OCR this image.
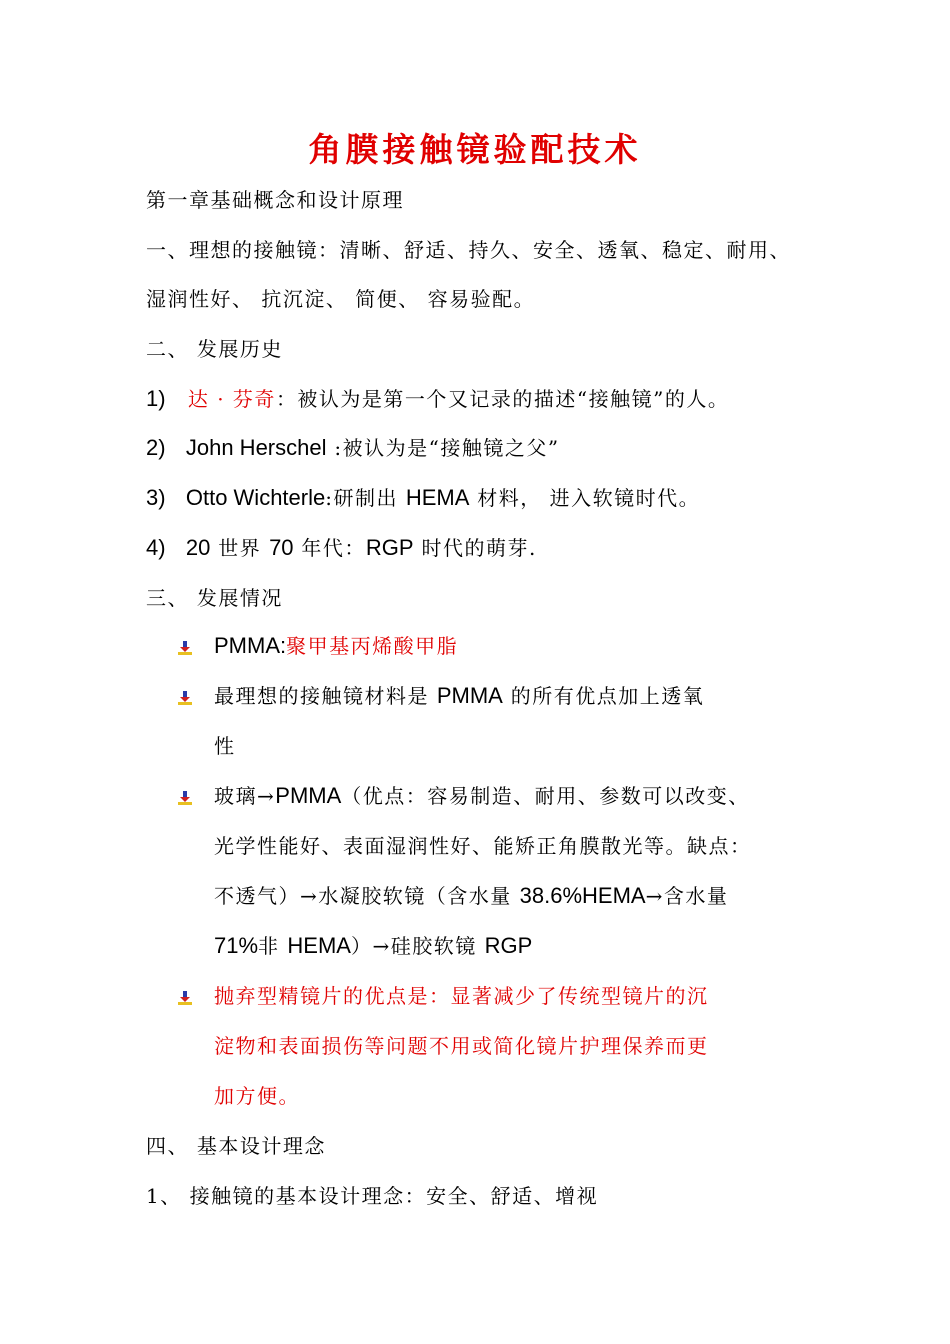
角膜接触镜验配技术
第一章基础概念和设计原理
一、理想的接触镜：清晰、舒适、持久、安全、透氧、稳定、耐用、
湿润性好、 抗沉淀、 简便、 容易验配。
二、 发展历史
1) 达 · 芬奇：被认为是第一个又记录的描述“接触镜”的人。
2) John Herschel :被认为是“接触镜之父”
3) Otto Wichterle:研制出 HEMA 材料， 进入软镜时代。
4) 20 世界 70 年代：RGP 时代的萌芽.
三、 发展情况
PMMA:聚甲基丙烯酸甲脂
最理想的接触镜材料是 PMMA 的所有优点加上透氧
性
玻璃→PMMA（优点：容易制造、耐用、参数可以改变、
光学性能好、表面湿润性好、能矫正角膜散光等。缺点：
不透气）→水凝胶软镜（含水量 38.6%HEMA→含水量
71%非 HEMA）→硅胶软镜 RGP
抛弃型精镜片的优点是：显著减少了传统型镜片的沉
淀物和表面损伤等问题不用或简化镜片护理保养而更
加方便。
四、 基本设计理念
1、 接触镜的基本设计理念：安全、舒适、增视
